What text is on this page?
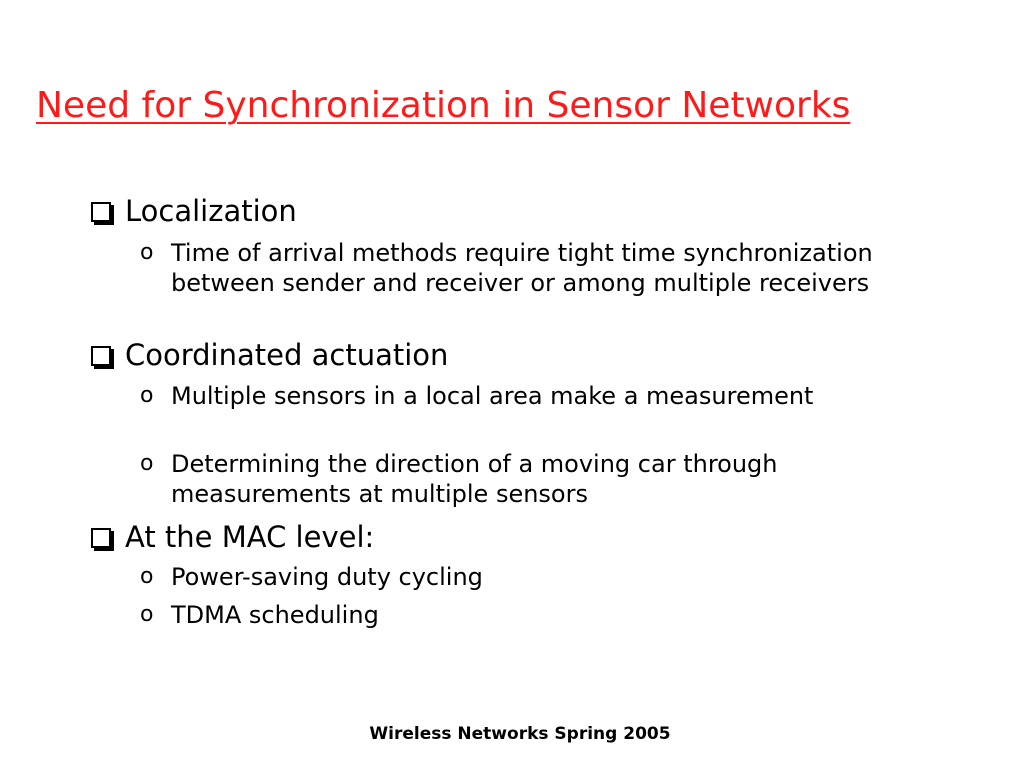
Need for Synchronization in Sensor Networks
Localization
o Time of arrival methods require tight time synchronization between sender and receiver or among multiple receivers
Coordinated actuation
o Multiple sensors in a local area make a measurement
o Determining the direction of a moving car through measurements at multiple sensors
At the MAC level:
o Power-saving duty cycling
o TDMA scheduling
Wireless Networks Spring 2005
